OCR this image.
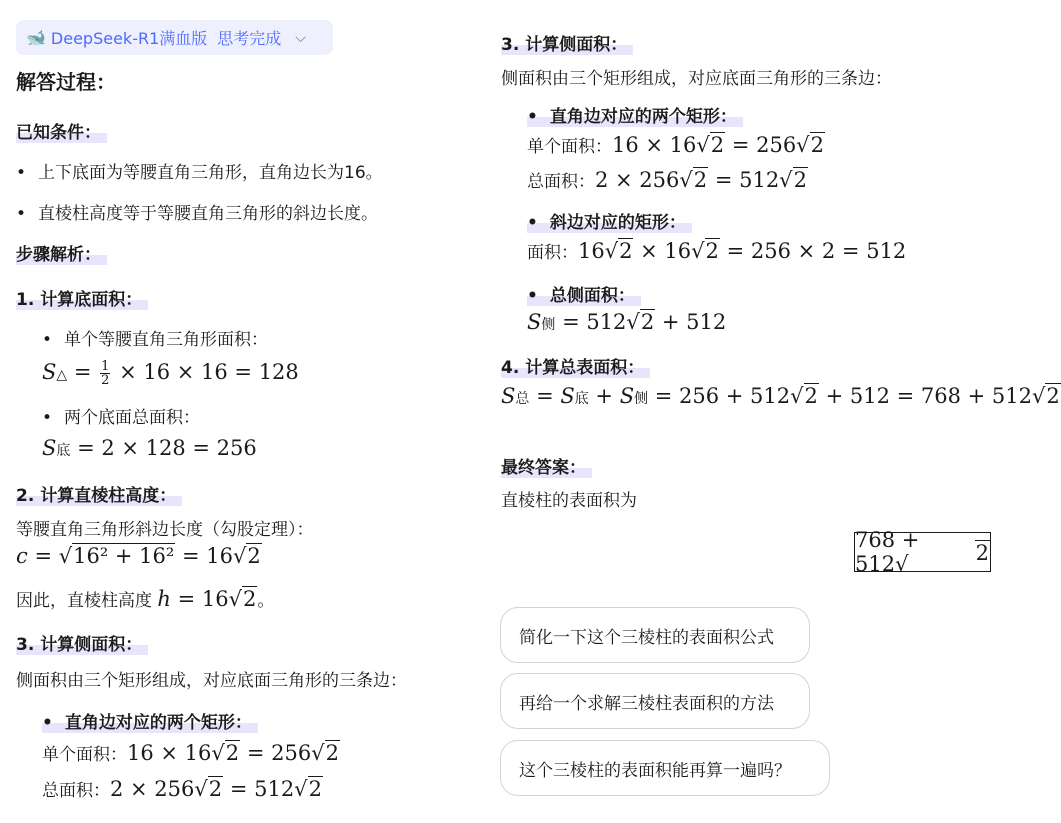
🐋 DeepSeek-R1满血版 思考完成 ⌵
解答过程：
已知条件：
• 上下底面为等腰直角三角形，直角边长为16。
• 直棱柱高度等于等腰直角三角形的斜边长度。
步骤解析：
1. 计算底面积：
• 单个等腰直角三角形面积：
S△ = $\frac{1}{2} \times 16 \times 16 = 128$
• 两个底面总面积：
S底 = 2 × 128 = 256
2. 计算直棱柱高度：
等腰直角三角形斜边长度（勾股定理）：
c = √16² + 16² = 16√2
因此，直棱柱高度 h = 16√2。
3. 计算侧面积：
侧面积由三个矩形组成，对应底面三角形的三条边：
• 直角边对应的两个矩形：
单个面积：16 × 16√2 = 256√2
总面积：2 × 256√2 = 512√2
3. 计算侧面积：
侧面积由三个矩形组成，对应底面三角形的三条边：
• 直角边对应的两个矩形：
单个面积：16 × 16√2 = 256√2
总面积：2 × 256√2 = 512√2
• 斜边对应的矩形：
面积：16√2 × 16√2 = 256 × 2 = 512
• 总侧面积：
S侧 = 512√2 + 512
4. 计算总表面积：
S总 = S底 + S侧 = 256 + 512√2 + 512 = 768 + 512√2
最终答案：
直棱柱的表面积为
768 + 512√	2
简化一下这个三棱柱的表面积公式
再给一个求解三棱柱表面积的方法
这个三棱柱的表面积能再算一遍吗？
